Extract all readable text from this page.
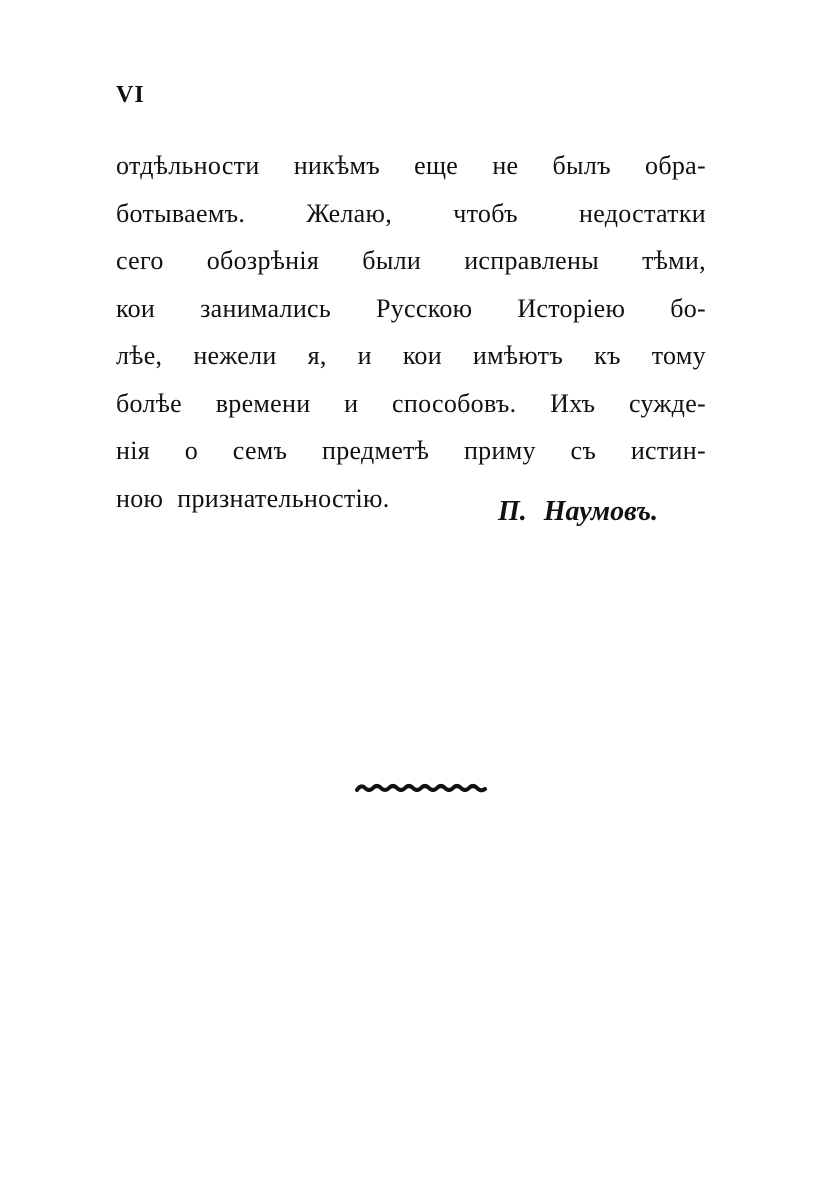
VI
отдѣльности никѣмъ еще не былъ обра-
ботываемъ. Желаю, чтобъ недостатки
сего обозрѣнія были исправлены тѣми,
кои занимались Русскою Исторіею бо-
лѣе, нежели я, и кои имѣютъ къ тому
болѣе времени и способовъ. Ихъ сужде-
нія о семъ предметѣ приму съ истин-
ною признательностію.	П. Наумовъ.
